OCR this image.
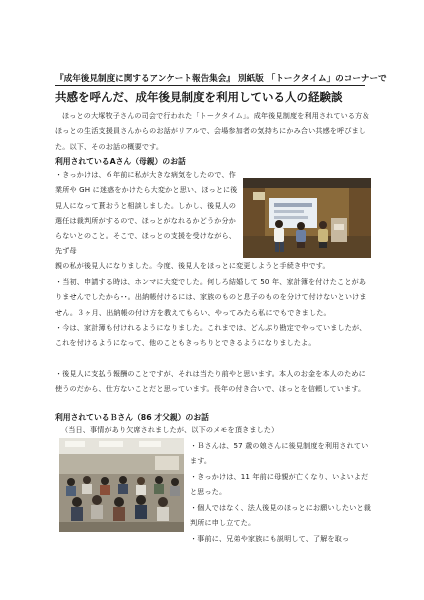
『成年後見制度に関するアンケート報告集会』 別紙版 「トークタイム」のコーナーで
共感を呼んだ、成年後見制度を利用している人の経験談

ほっとの大塚牧子さんの司会で行われた「トークタイム」。成年後見制度を利用されている方＆ほっとの生活支援員さんからのお話がリアルで、会場参加者の気持ちにかみ合い共感を呼びました。以下、そのお話の概要です。

利用されているAさん（母親）のお話

・きっかけは、６年前に私が大きな病気をしたので、作業所や GH に迷惑をかけたら大変かと思い、ほっとに後見人になって貰おうと相談しました。しかし、後見人の選任は裁判所がするので、ほっとがなれるかどうか分からないとのこと。そこで、ほっとの支援を受けながら、先ず母

親の私が後見人になりました。今度、後見人をほっとに変更しようと手続き中です。

・当初、申請する時は、ホンマに大変でした。何しろ結婚して 50 年、家計簿を付けたことがありませんでしたから･･。出納帳付けるには、家族のものと息子のものを分けて付けないといけません。３ヶ月、出納帳の付け方を教えてもらい、やってみたら私にでもできました。

・今は、家計簿も付けれるようになりました。これまでは、どんぶり勘定でやっていましたが、これを付けるようになって、他のこともきっちりとできるようになりましたよ。

・後見人に支払う報酬のことですが、それは当たり前やと思います。本人のお金を本人のために使うのだから、仕方ないことだと思っています。長年の付き合いで、ほっとを信頼しています。

利用されているＢさん（86 才父親）のお話

（当日、事情があり欠席されましたが、以下のメモを頂きました）

・Ｂさんは、57 歳の娘さんに後見制度を利用されています。

・きっかけは、11 年前に母親が亡くなり、いよいよだと思った。

・個人ではなく、法人後見のほっとにお願いしたいと裁判所に申し立てた。

・事前に、兄弟や家族にも説明して、了解を取っ
